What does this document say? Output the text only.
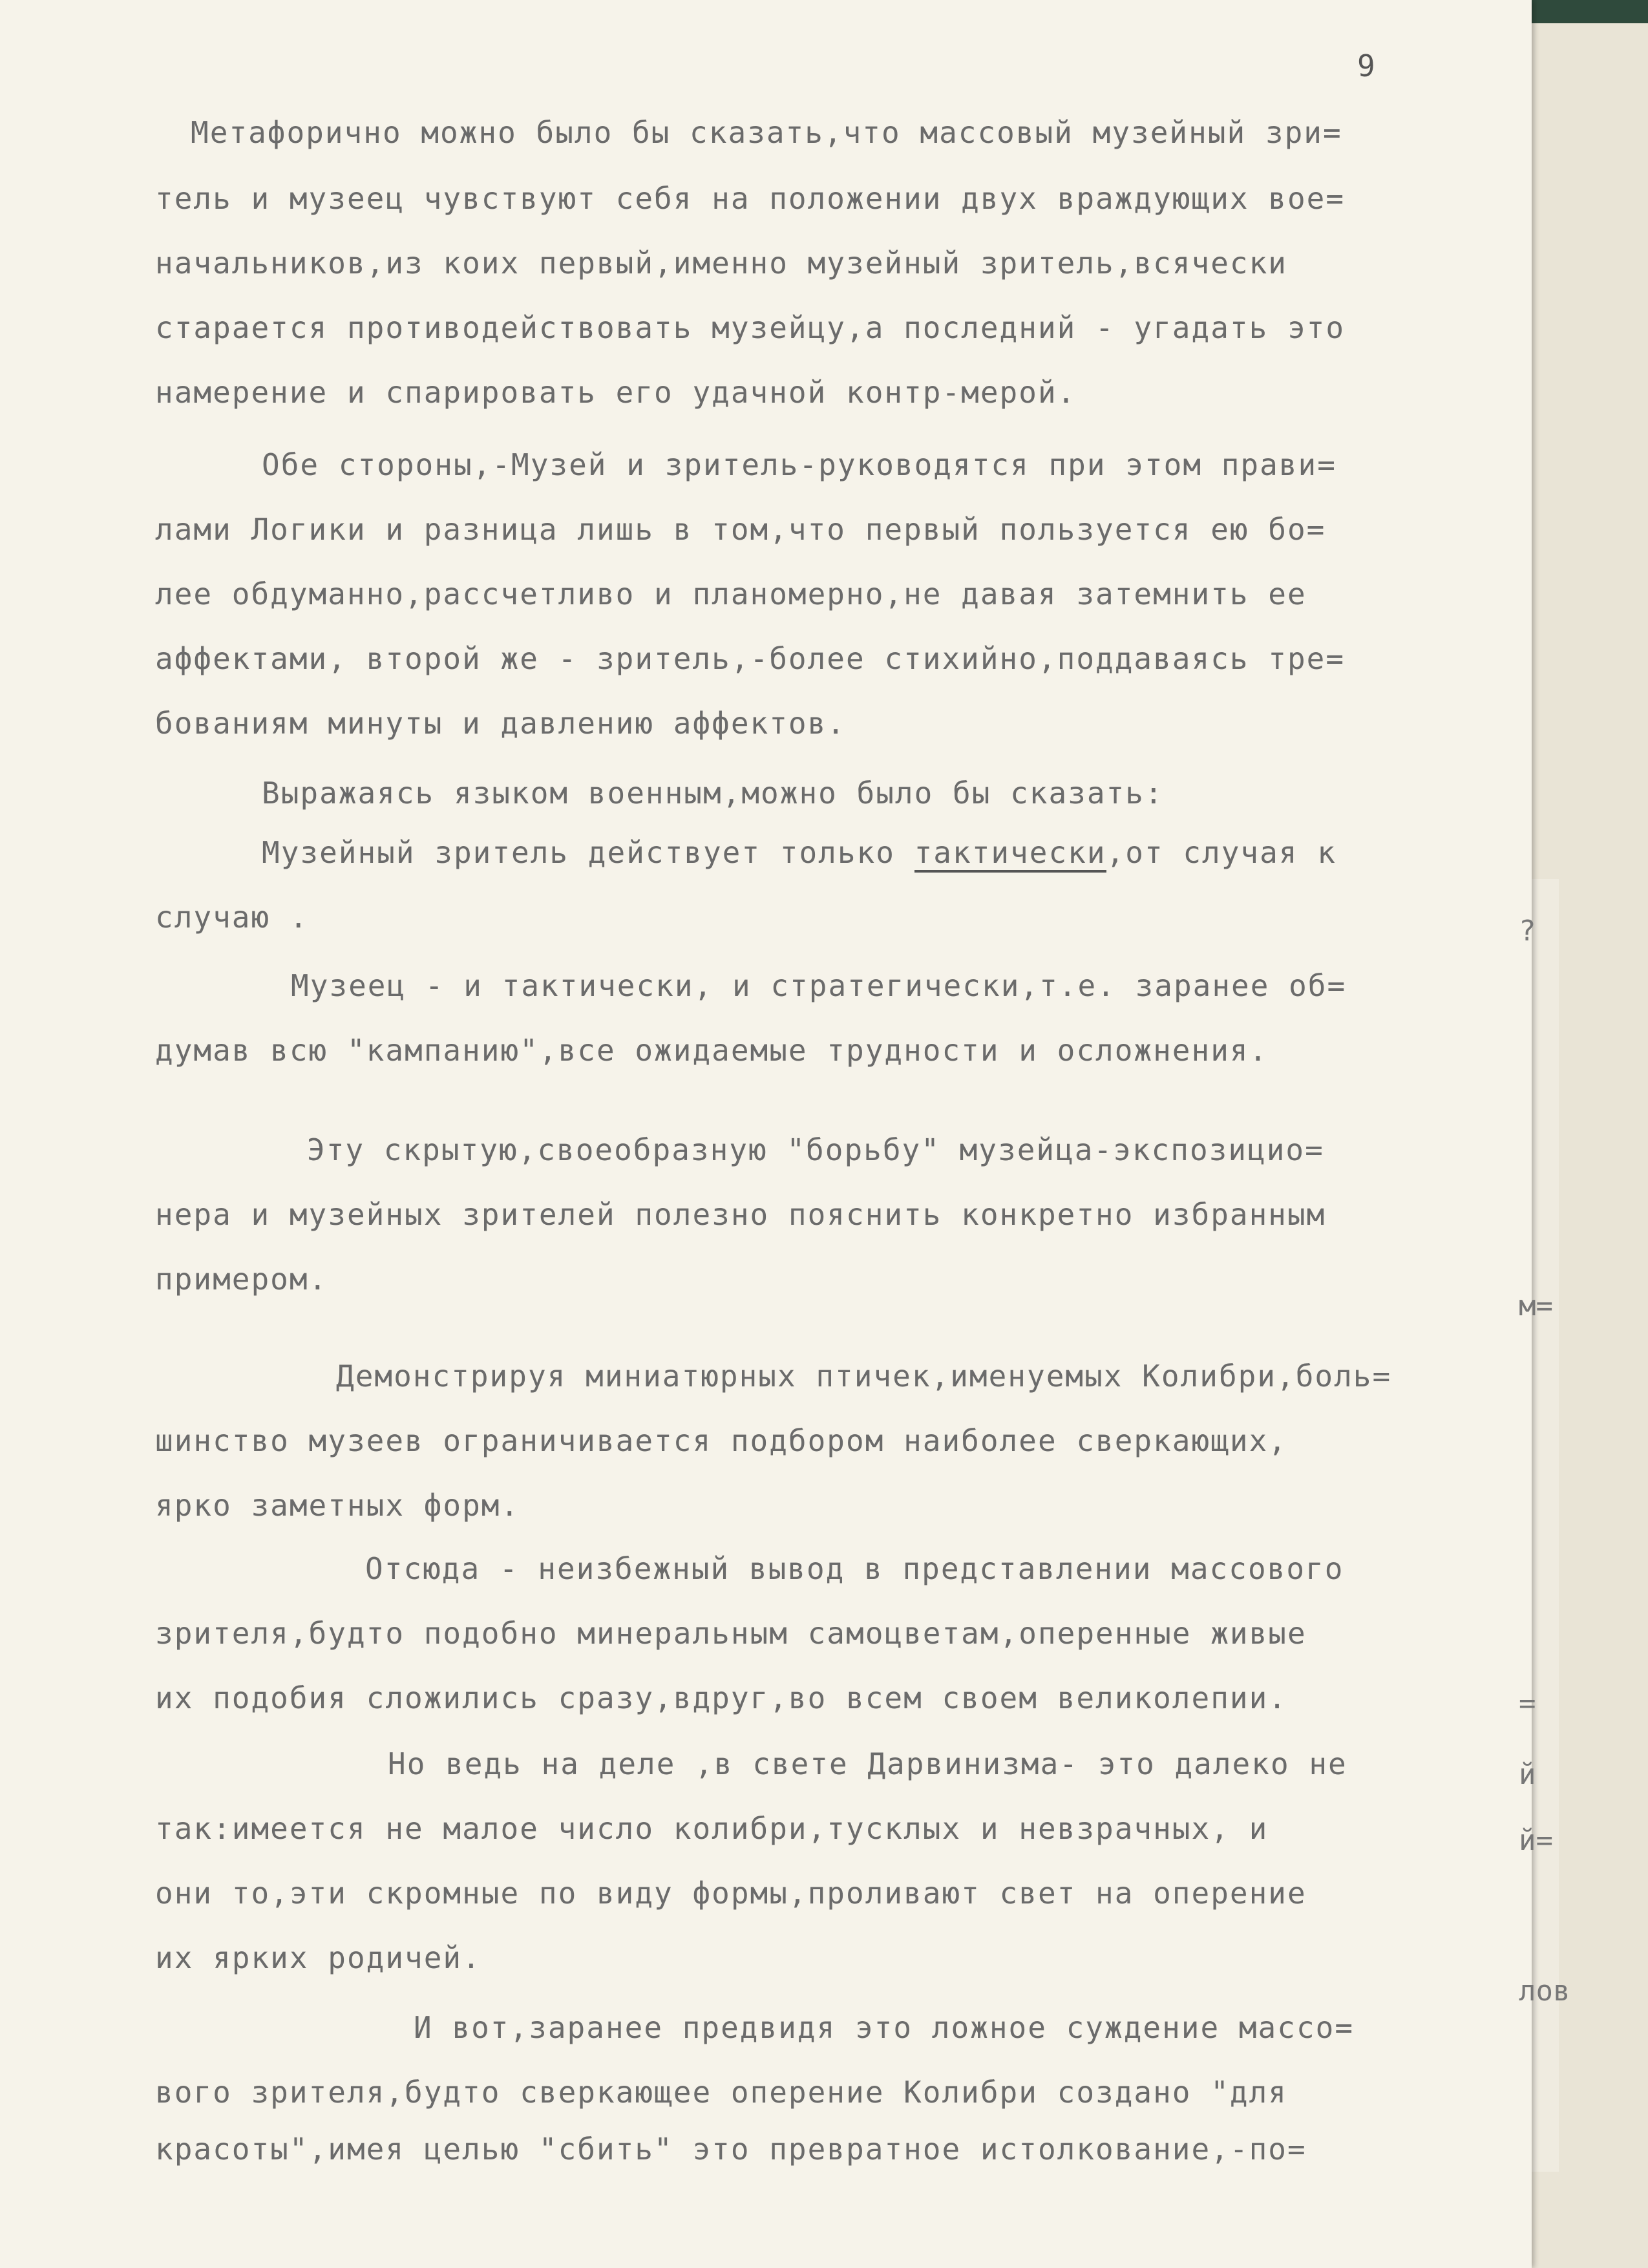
9

Метафорично можно было бы сказать,что массовый музейный зри=

тель и музеец чувствуют себя на положении двух враждующих вое=

начальников,из коих первый,именно музейный зритель,всячески

старается противодействовать музейцу,а последний - угадать это

намерение и спарировать его удачной контр-мерой.

Обе стороны,-Музей и зритель-руководятся при этом прави=

лами Логики и разница лишь в том,что первый пользуется ею бо=

лее обдуманно,рассчетливо и планомерно,не давая затемнить ее

аффектами, второй же - зритель,-более стихийно,поддаваясь тре=

бованиям минуты и давлению аффектов.

Выражаясь языком военным,можно было бы сказать:

Музейный зритель действует только тактически,от случая к

случаю .

Музеец - и тактически, и стратегически,т.е. заранее об=

думав всю "кампанию",все ожидаемые трудности и осложнения.

Эту скрытую,своеобразную "борьбу" музейца-экспозицио=

нера и музейных зрителей полезно пояснить конкретно избранным

примером.

Демонстрируя миниатюрных птичек,именуемых Колибри,боль=

шинство музеев ограничивается подбором наиболее сверкающих,

ярко заметных форм.

Отсюда - неизбежный вывод в представлении массового

зрителя,будто подобно минеральным самоцветам,оперенные живые

их подобия сложились сразу,вдруг,во всем своем великолепии.

Но ведь на деле ,в свете Дарвинизма- это далеко не

так:имеется не малое число колибри,тусклых и невзрачных, и

они то,эти скромные по виду формы,проливают свет на оперение

их ярких родичей.

И вот,заранее предвидя это ложное суждение массо=

вого зрителя,будто сверкающее оперение Колибри создано "для

красоты",имея целью "сбить" это превратное истолкование,-по=

?
м=
=
й
й=
лов
